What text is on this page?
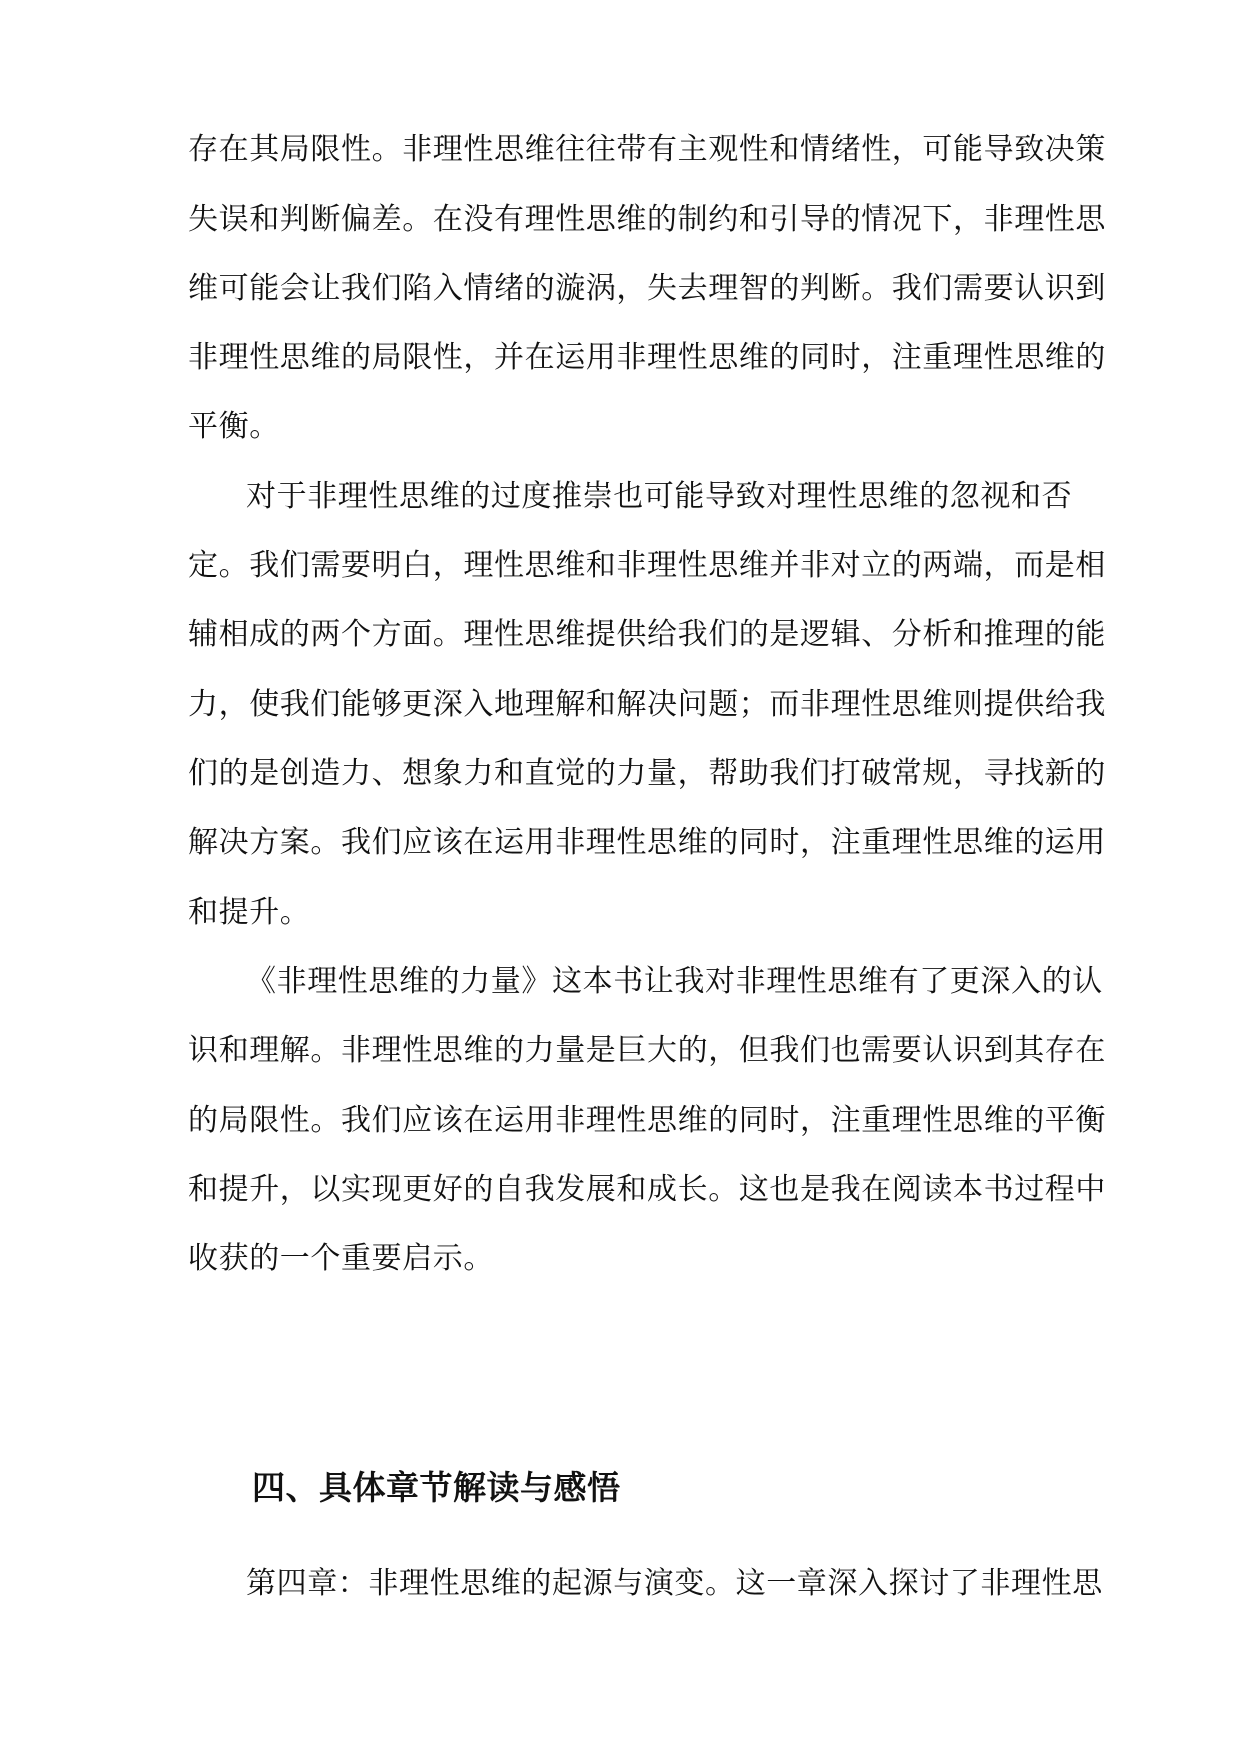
存在其局限性。非理性思维往往带有主观性和情绪性，可能导致决策
失误和判断偏差。在没有理性思维的制约和引导的情况下，非理性思
维可能会让我们陷入情绪的漩涡，失去理智的判断。我们需要认识到
非理性思维的局限性，并在运用非理性思维的同时，注重理性思维的
平衡。
对于非理性思维的过度推崇也可能导致对理性思维的忽视和否
定。我们需要明白，理性思维和非理性思维并非对立的两端，而是相
辅相成的两个方面。理性思维提供给我们的是逻辑、分析和推理的能
力，使我们能够更深入地理解和解决问题；而非理性思维则提供给我
们的是创造力、想象力和直觉的力量，帮助我们打破常规，寻找新的
解决方案。我们应该在运用非理性思维的同时，注重理性思维的运用
和提升。
《非理性思维的力量》这本书让我对非理性思维有了更深入的认
识和理解。非理性思维的力量是巨大的，但我们也需要认识到其存在
的局限性。我们应该在运用非理性思维的同时，注重理性思维的平衡
和提升，以实现更好的自我发展和成长。这也是我在阅读本书过程中
收获的一个重要启示。
四、具体章节解读与感悟
第四章：非理性思维的起源与演变。这一章深入探讨了非理性思
